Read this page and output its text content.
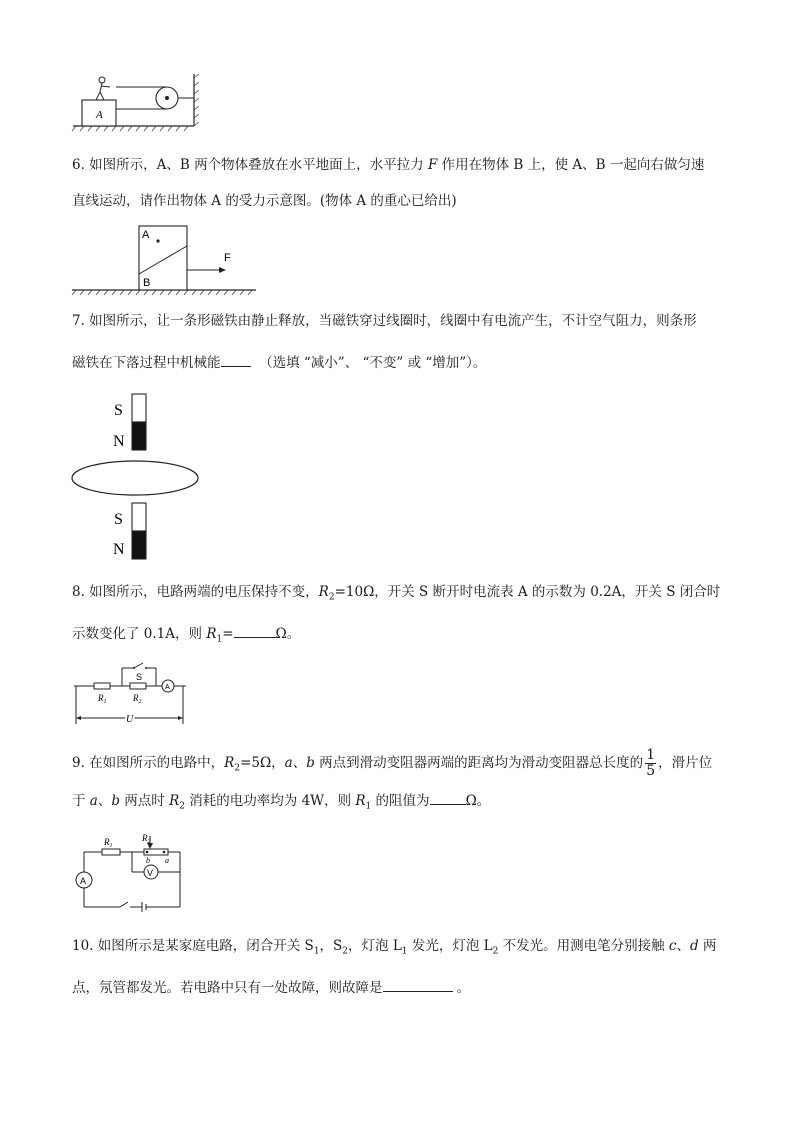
A
6. 如图所示，A、B 两个物体叠放在水平地面上，水平拉力 F 作用在物体 B 上，使 A、B 一起向右做匀速
直线运动，请作出物体 A 的受力示意图。(物体 A 的重心已给出)
A
B
F
7. 如图所示，让一条形磁铁由静止释放，当磁铁穿过线圈时，线圈中有电流产生，不计空气阻力，则条形
磁铁在下落过程中机械能	（选填 “减小”、 “不变” 或 “增加”）。
S
N
S
N
8. 如图所示，电路两端的电压保持不变，$R_2=10\Omega$，开关 S 断开时电流表 A 的示数为 0.2A，开关 S 闭合时
示数变化了 0.1A，则 $R_1=$	Ω。
S
A
$R_1$	$R_2$
U
9. 在如图所示的电路中，$R_2=5\Omega$，a、b 两点到滑动变阻器两端的距离均为滑动变阻器总长度的 $\frac{1}{5}$ ，滑片位
于 a、b 两点时 $R_2$ 消耗的电功率均为 4W，则 $R_1$ 的阻值为	Ω。
$R_1$
$R_2$
b a
V
A
10. 如图所示是某家庭电路，闭合开关 $S_1$，$S_2$，灯泡 $L_1$ 发光，灯泡 $L_2$ 不发光。用测电笔分别接触 c、d 两
点，氖管都发光。若电路中只有一处故障，则故障是	。
